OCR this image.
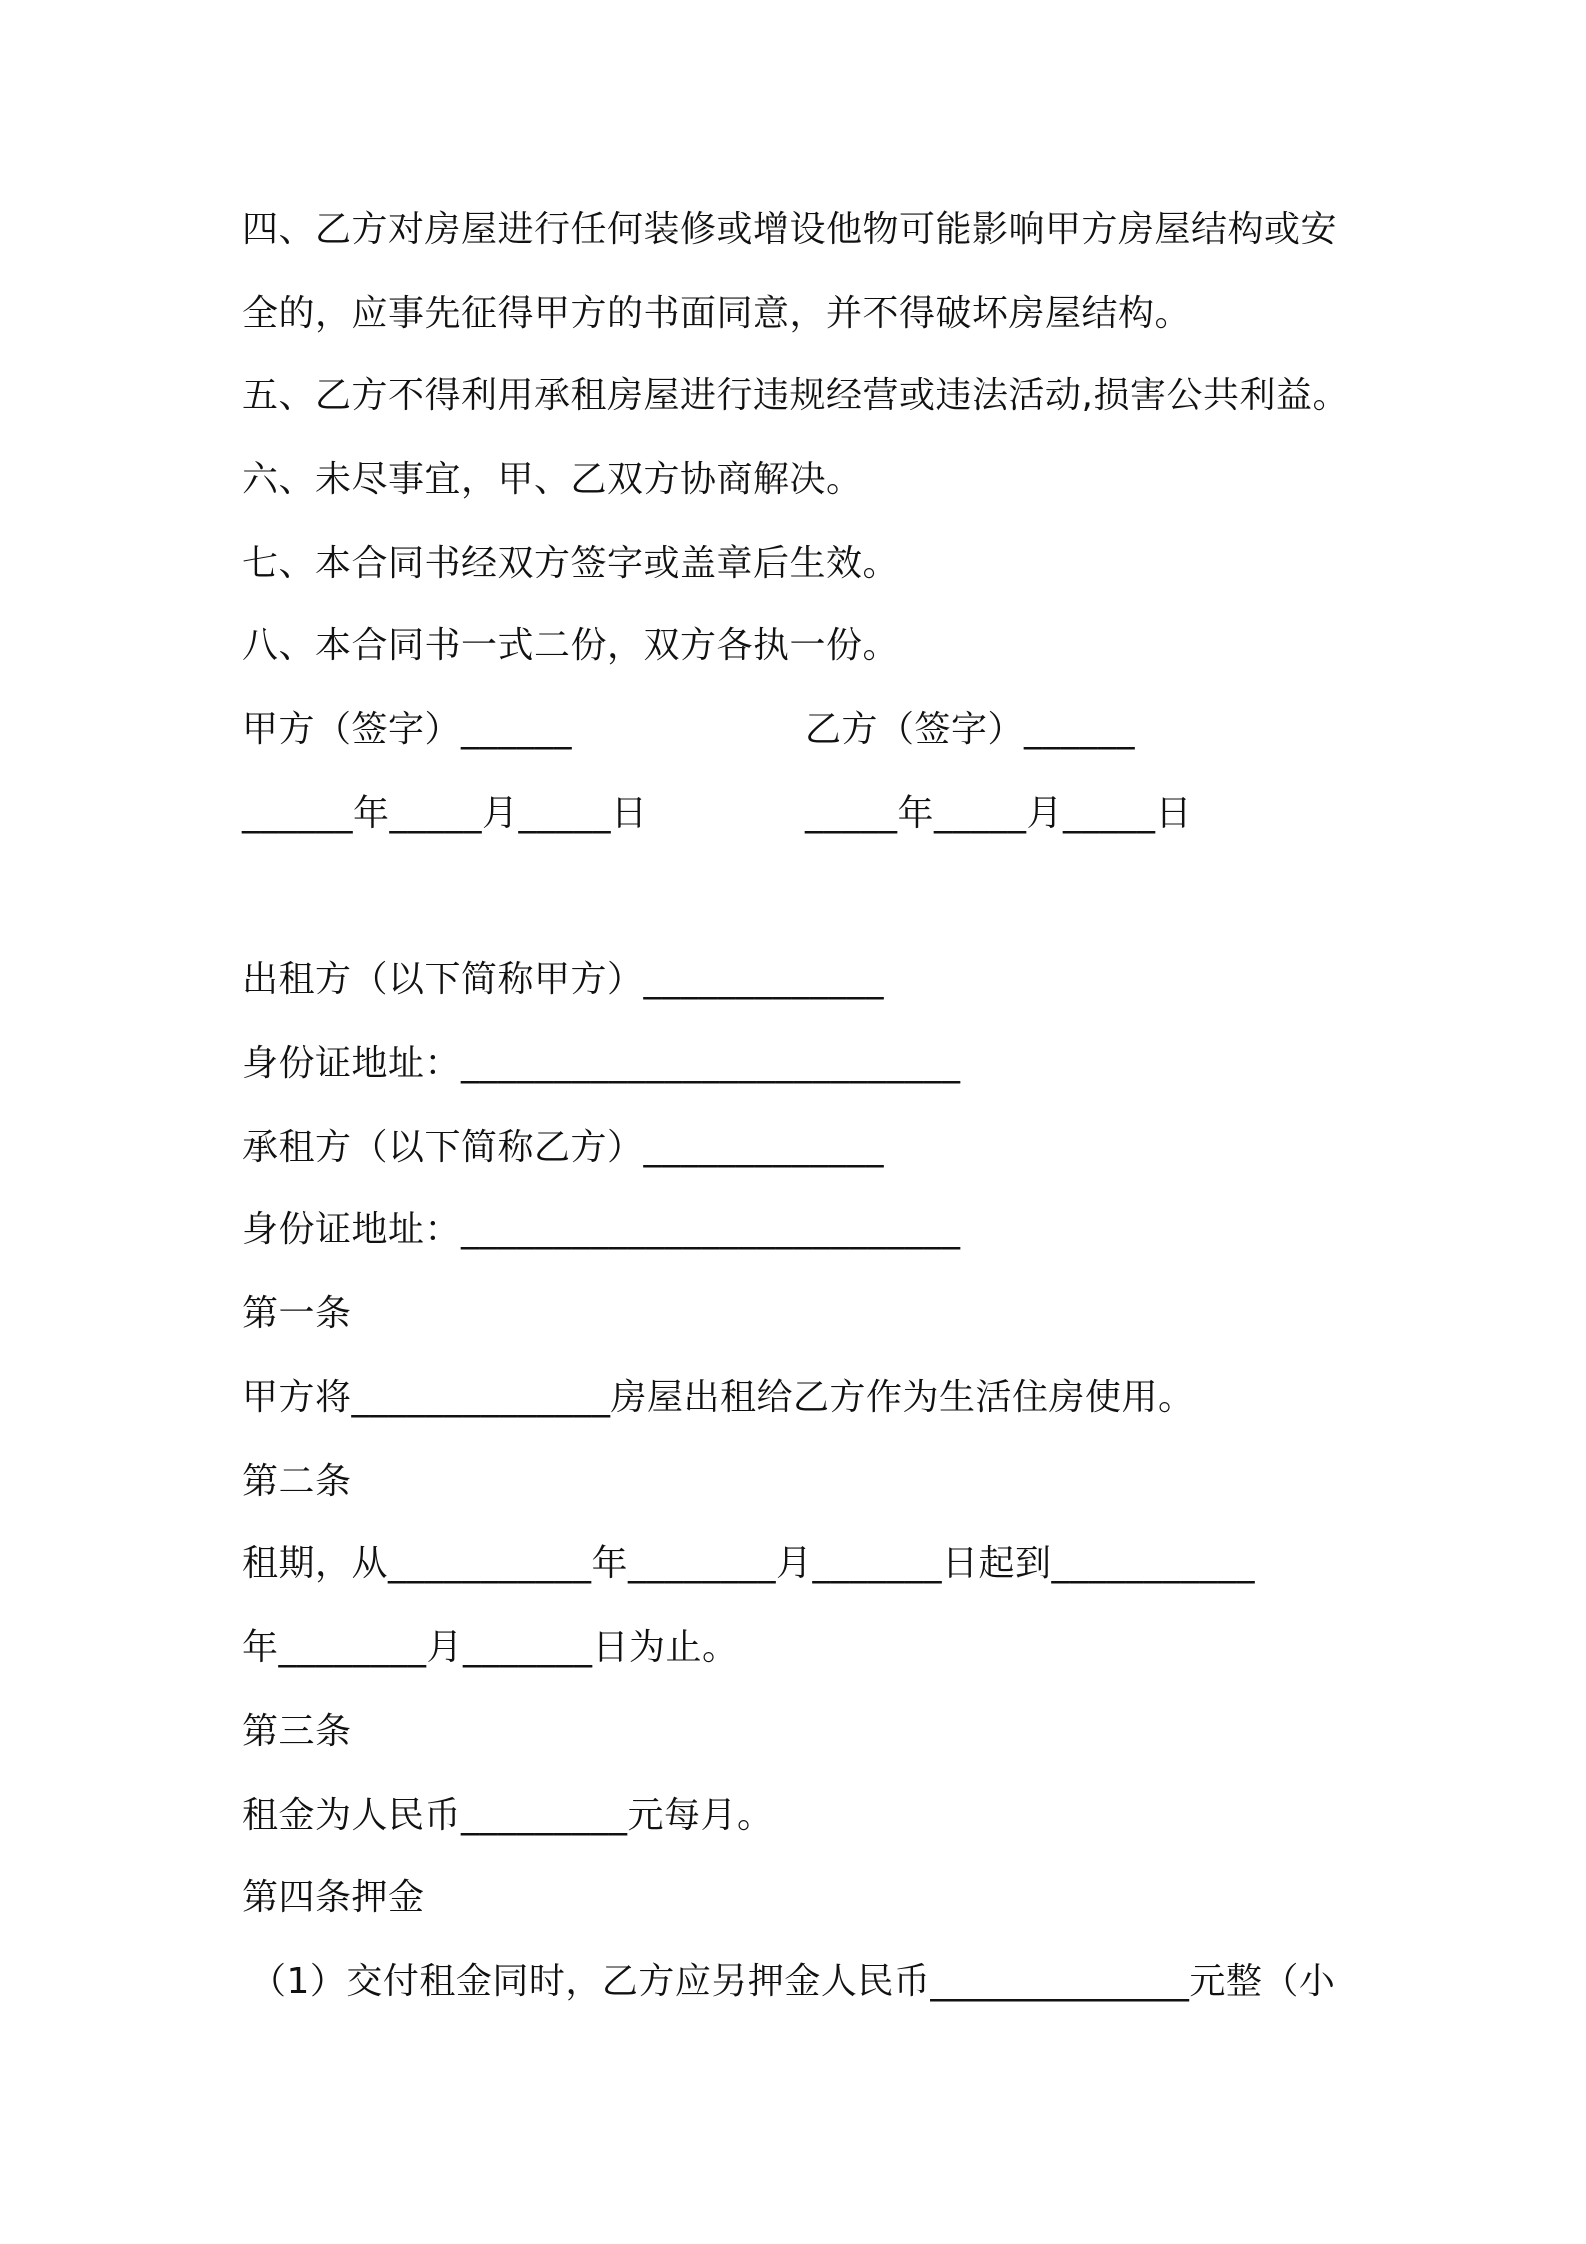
四、乙方对房屋进行任何装修或增设他物可能影响甲方房屋结构或安
全的，应事先征得甲方的书面同意，并不得破坏房屋结构。
五、乙方不得利用承租房屋进行违规经营或违法活动,损害公共利益。
六、未尽事宜，甲、乙双方协商解决。
七、本合同书经双方签字或盖章后生效。
八、本合同书一式二份，双方各执一份。
甲方（签字）______	乙方（签字）______
______年_____月_____日	_____年_____月_____日
出租方（以下简称甲方）_____________
身份证地址：___________________________
承租方（以下简称乙方）_____________
身份证地址：___________________________
第一条
甲方将______________房屋出租给乙方作为生活住房使用。
第二条
租期，从___________年________月_______日起到___________
年________月_______日为止。
第三条
租金为人民币_________元每月。
第四条押金
（1）交付租金同时，乙方应另押金人民币______________元整（小
